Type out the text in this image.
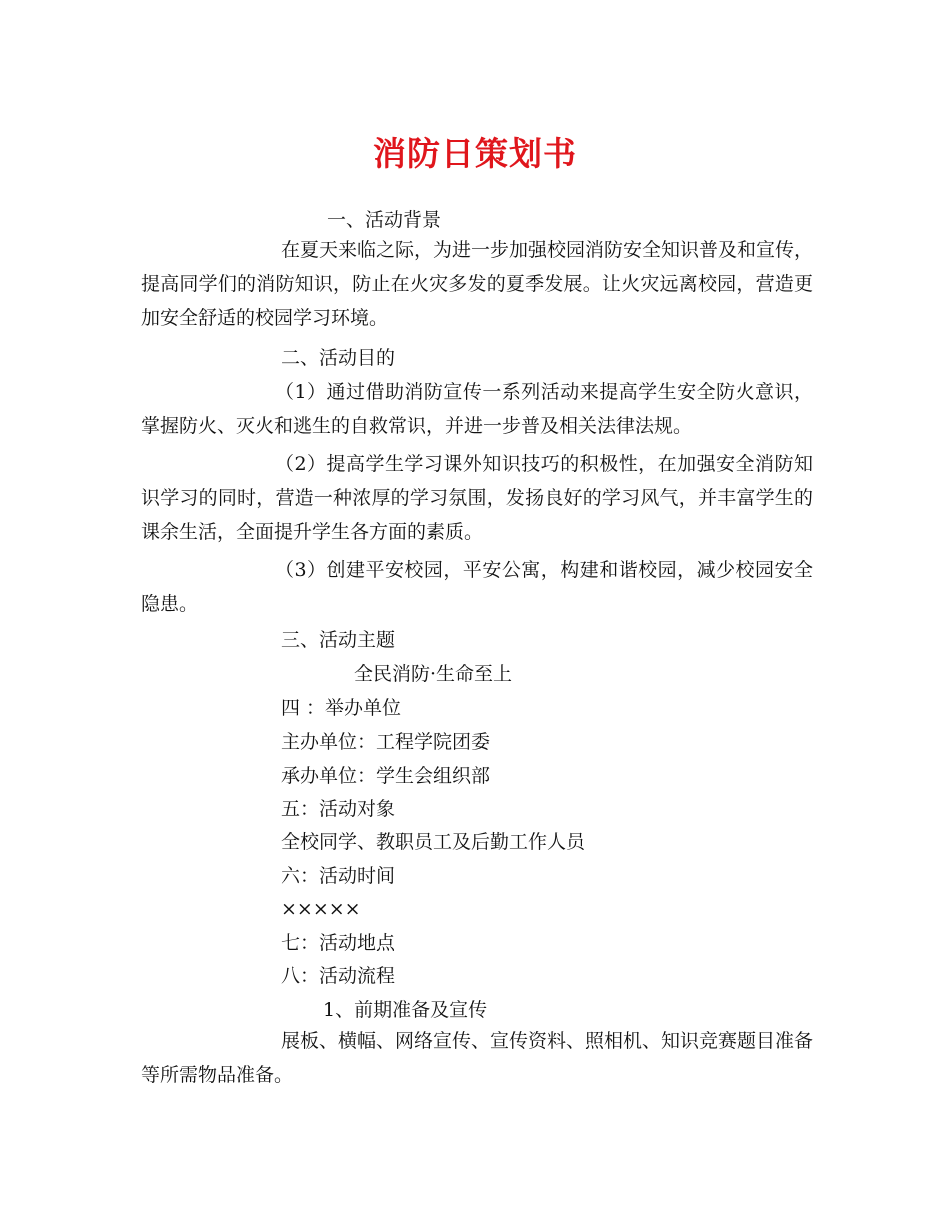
消防日策划书
一、活动背景
在夏天来临之际，为进一步加强校园消防安全知识普及和宣传，提高同学们的消防知识，防止在火灾多发的夏季发展。让火灾远离校园，营造更加安全舒适的校园学习环境。
二、活动目的
（1）通过借助消防宣传一系列活动来提高学生安全防火意识，掌握防火、灭火和逃生的自救常识，并进一步普及相关法律法规。
（2）提高学生学习课外知识技巧的积极性，在加强安全消防知识学习的同时，营造一种浓厚的学习氛围，发扬良好的学习风气，并丰富学生的课余生活，全面提升学生各方面的素质。
（3）创建平安校园，平安公寓，构建和谐校园，减少校园安全隐患。
三、活动主题
全民消防·生命至上
四 ：举办单位
主办单位：工程学院团委
承办单位：学生会组织部
五：活动对象
全校同学、教职员工及后勤工作人员
六：活动时间
×××××
七：活动地点
八：活动流程
1、前期准备及宣传
展板、横幅、网络宣传、宣传资料、照相机、知识竞赛题目准备等所需物品准备。
